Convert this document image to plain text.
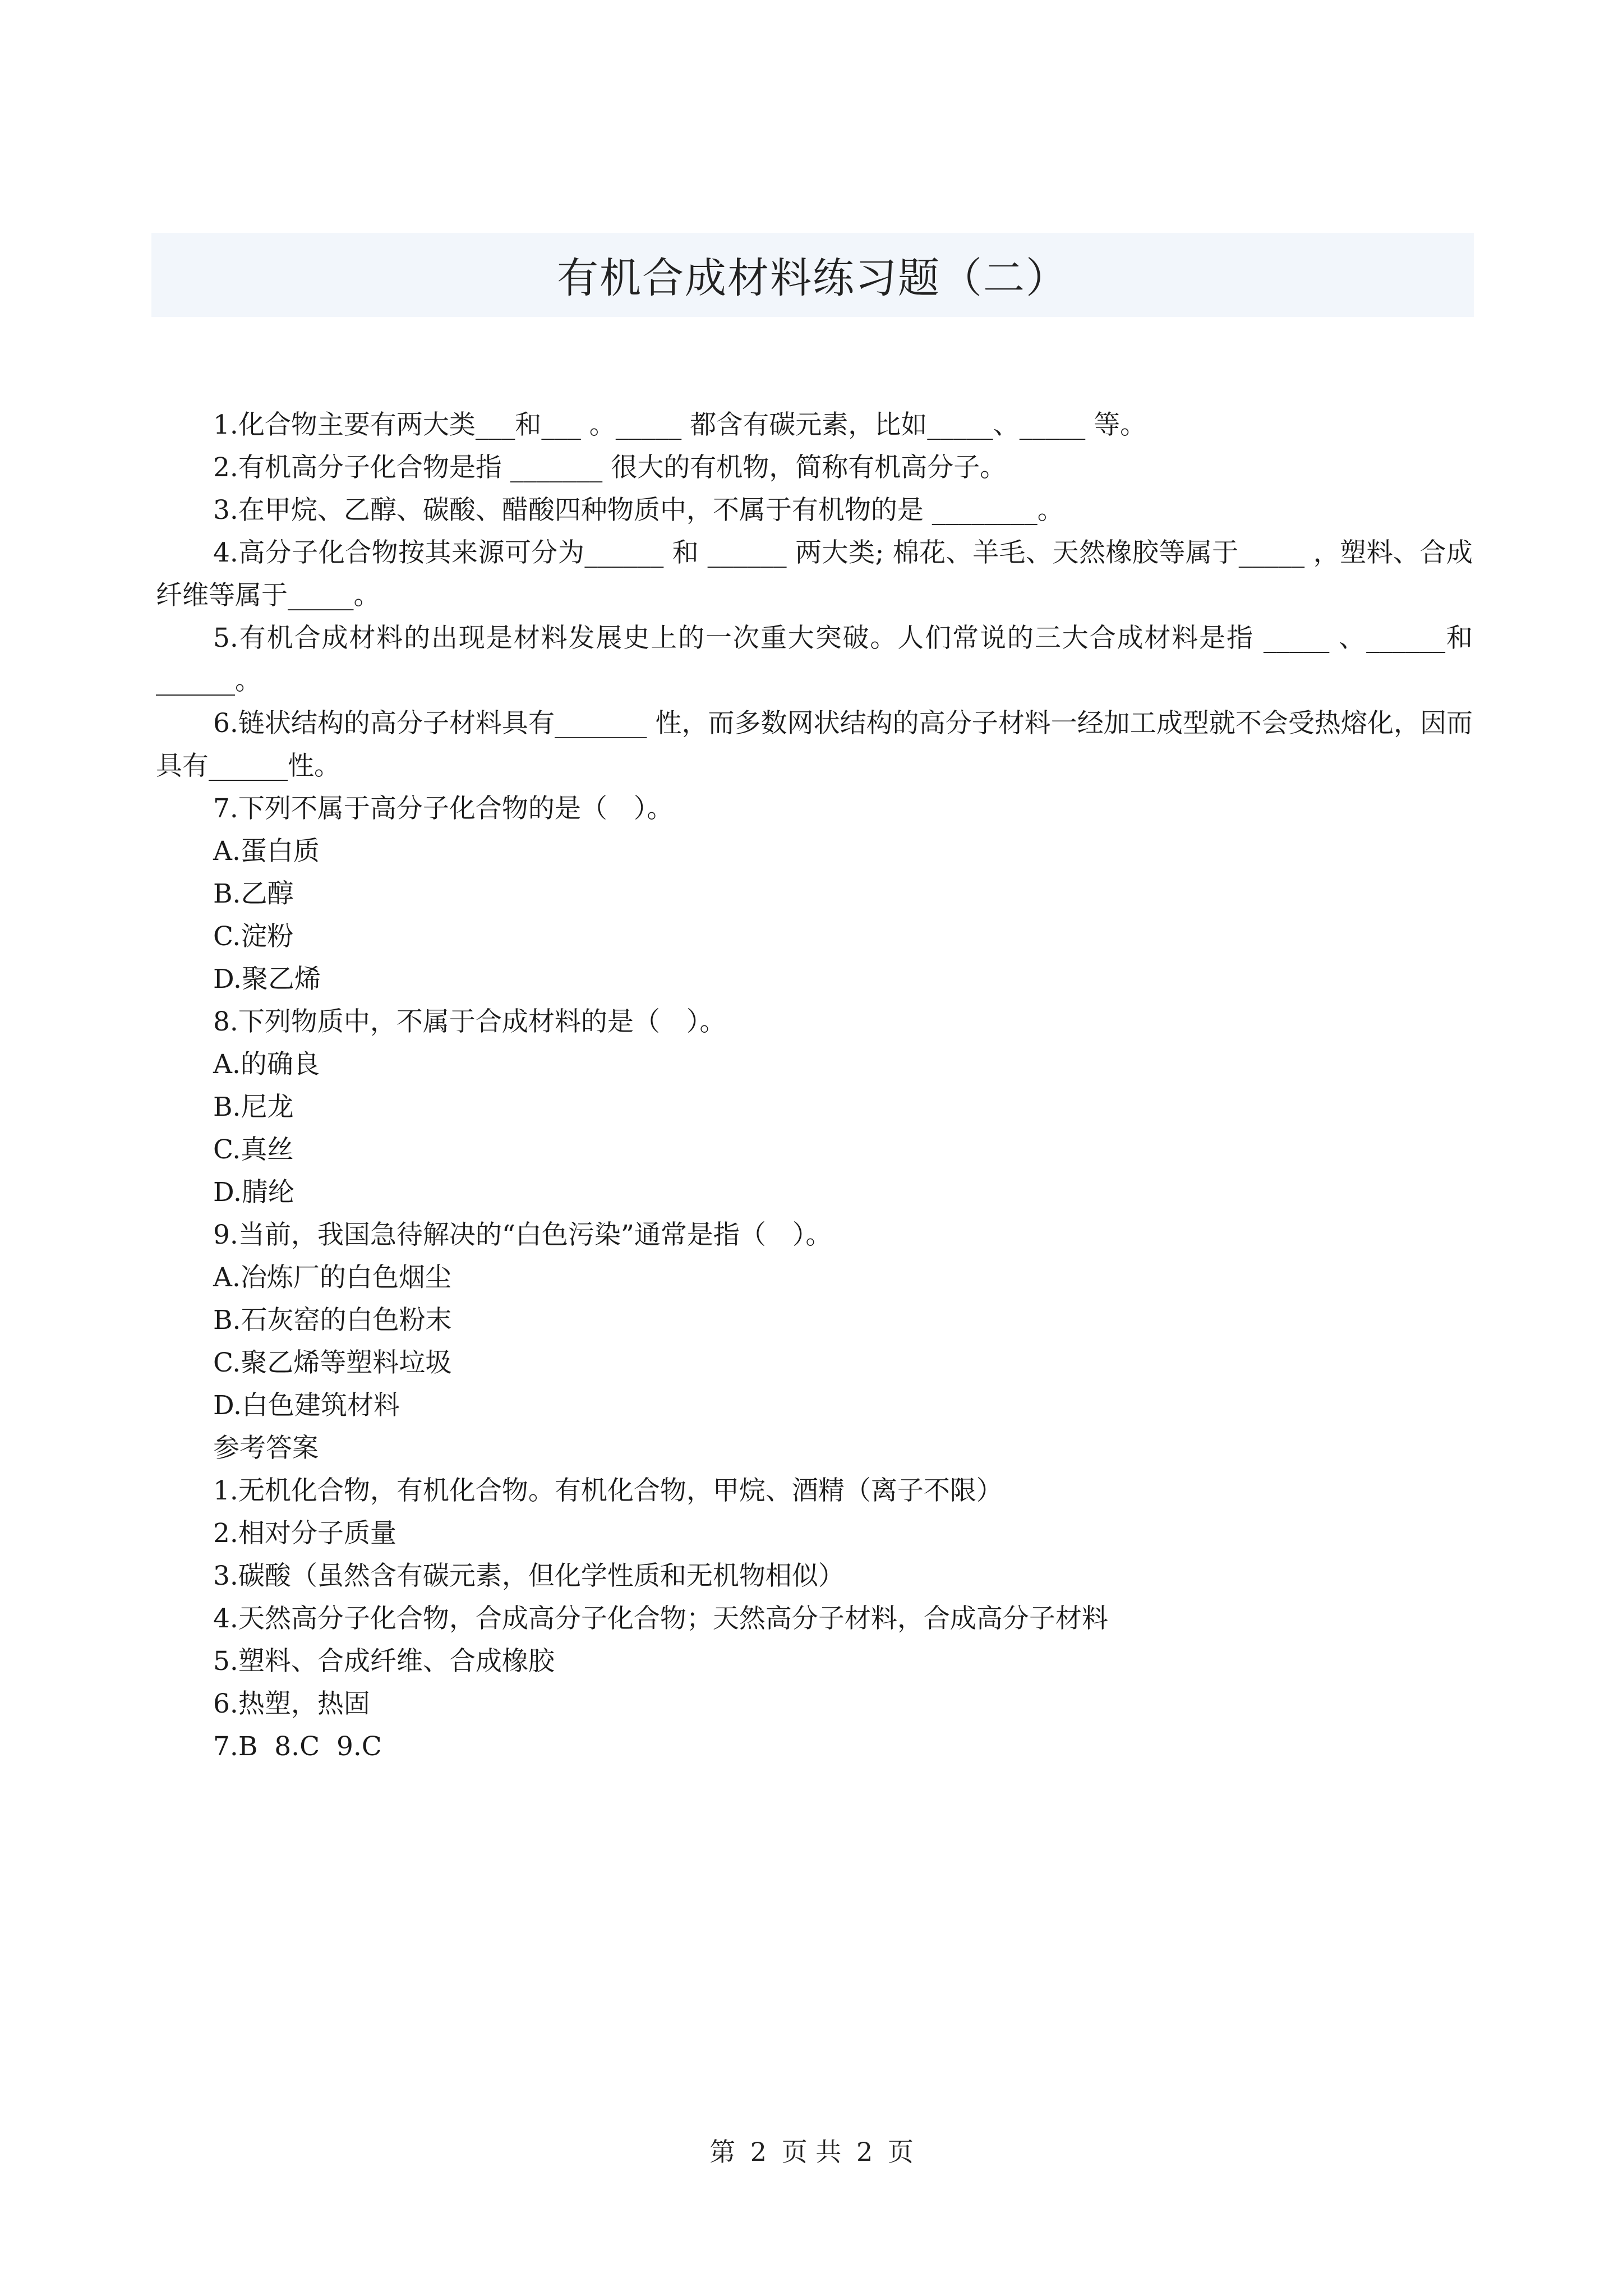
有机合成材料练习题（二）

1.化合物主要有两大类___和___ 。_____ 都含有碳元素，比如_____、_____ 等。

2.有机高分子化合物是指 _______ 很大的有机物，简称有机高分子。

3.在甲烷、乙醇、碳酸、醋酸四种物质中，不属于有机物的是 ________。

4.高分子化合物按其来源可分为______ 和 ______ 两大类; 棉花、羊毛、天然橡胶等属于_____ ，塑料、合成纤维等属于_____。

5.有机合成材料的出现是材料发展史上的一次重大突破。人们常说的三大合成材料是指 _____ 、______和______。

6.链状结构的高分子材料具有_______ 性，而多数网状结构的高分子材料一经加工成型就不会受热熔化，因而具有______性。

7.下列不属于高分子化合物的是（　）。

A.蛋白质

B.乙醇

C.淀粉

D.聚乙烯

8.下列物质中，不属于合成材料的是（　）。

A.的确良

B.尼龙

C.真丝

D.腈纶

9.当前，我国急待解决的“白色污染”通常是指（　）。

A.冶炼厂的白色烟尘

B.石灰窑的白色粉末

C.聚乙烯等塑料垃圾

D.白色建筑材料

参考答案

1.无机化合物，有机化合物。有机化合物，甲烷、酒精（离子不限）

2.相对分子质量

3.碳酸（虽然含有碳元素，但化学性质和无机物相似）

4.天然高分子化合物，合成高分子化合物；天然高分子材料，合成高分子材料

5.塑料、合成纤维、合成橡胶

6.热塑，热固

7.B  8.C  9.C

第 2 页 共 2 页
